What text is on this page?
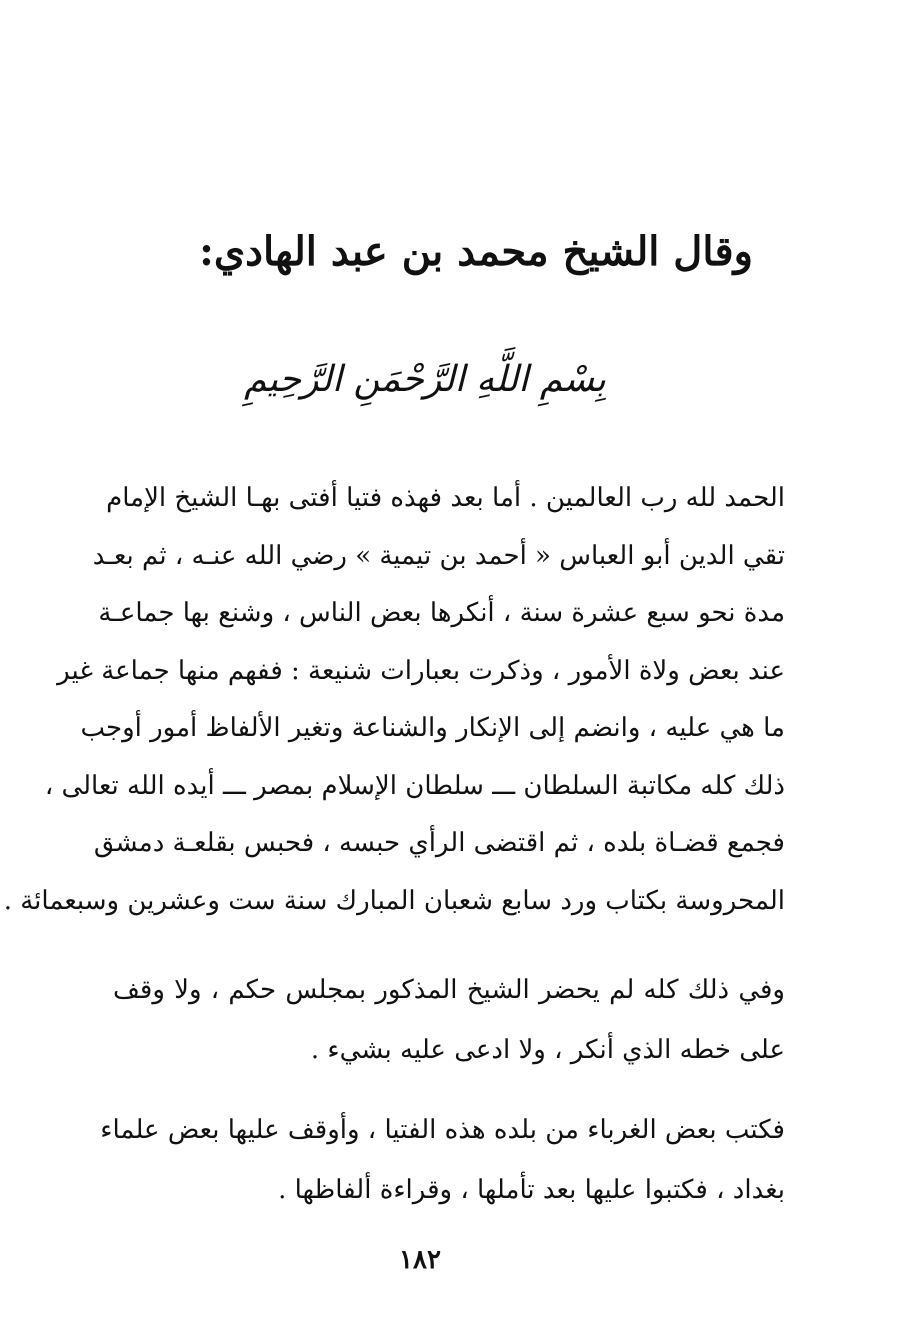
وقال الشيخ محمد بن عبد الهادي:
بِسْمِ اللَّهِ الرَّحْمَنِ الرَّحِيمِ
الحمد لله رب العالمين . أما بعد فهذه فتيا أفتى بهـا الشيخ الإمام
تقي الدين أبو العباس « أحمد بن تيمية » رضي الله عنـه ، ثم بعـد
مدة نحو سبع عشرة سنة ، أنكرها بعض الناس ، وشنع بها جماعـة
عند بعض ولاة الأمور ، وذكرت بعبارات شنيعة : ففهم منها جماعة غير
ما هي عليه ، وانضم إلى الإنكار والشناعة وتغير الألفاظ أمور أوجب
ذلك كله مكاتبة السلطان ـــ سلطان الإسلام بمصر ـــ أيده الله تعالى ،
فجمع قضـاة بلده ، ثم اقتضى الرأي حبسه ، فحبس بقلعـة دمشق
المحروسة بكتاب ورد سابع شعبان المبارك سنة ست وعشرين وسبعمائة .
وفي ذلك كله لم يحضر الشيخ المذكور بمجلس حكم ، ولا وقف
على خطه الذي أنكر ، ولا ادعى عليه بشيء .
فكتب بعض الغرباء من بلده هذه الفتيا ، وأوقف عليها بعض علماء
بغداد ، فكتبوا عليها بعد تأملها ، وقراءة ألفاظها .
١٨٢
